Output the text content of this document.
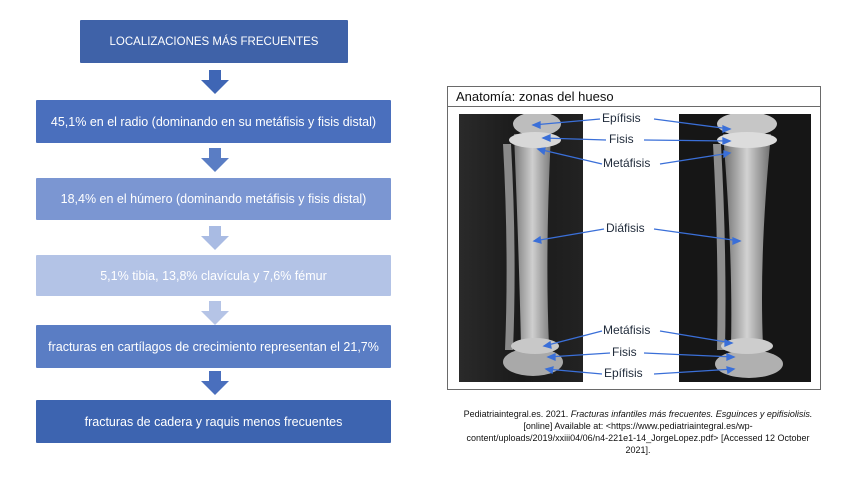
LOCALIZACIONES MÁS FRECUENTES
45,1% en el radio (dominando en su metáfisis y fisis distal)
18,4% en el húmero (dominando metáfisis y fisis distal)
5,1% tibia, 13,8% clavícula y 7,6% fémur
fracturas en cartílagos de crecimiento representan el 21,7%
fracturas de cadera y raquis menos frecuentes
Anatomía: zonas del hueso
Epífisis
Fisis
Metáfisis
Diáfisis
Metáfisis
Fisis
Epífisis
Pediatriaintegral.es. 2021. Fracturas infantiles más frecuentes. Esguinces y epifisiolisis. [online] Available at: <https://www.pediatriaintegral.es/wp-content/uploads/2019/xxiii04/06/n4-221e1-14_JorgeLopez.pdf> [Accessed 12 October 2021].
